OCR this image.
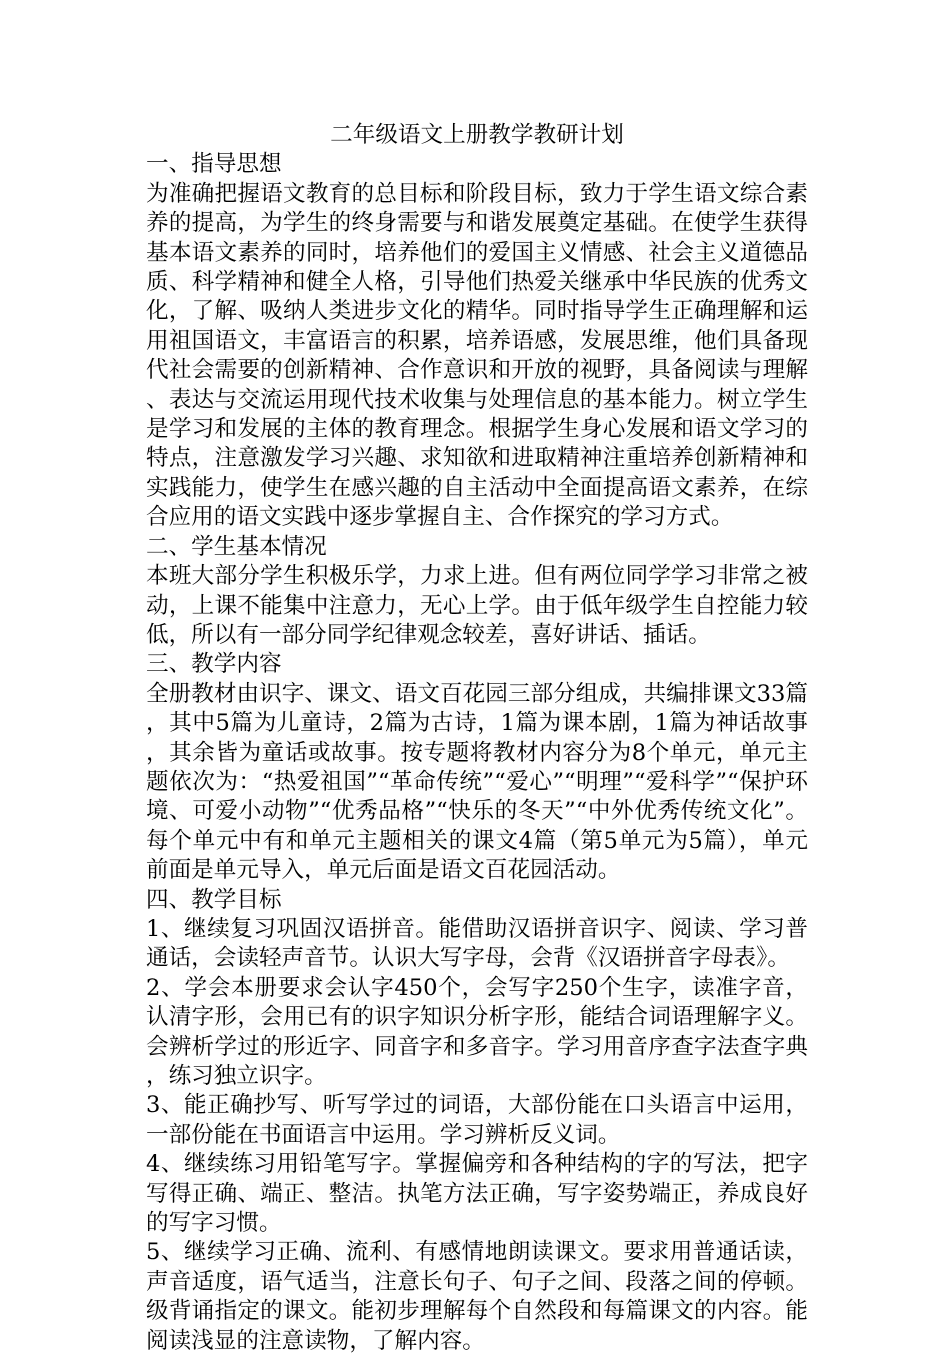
二年级语文上册教学教研计划
一、指导思想

为准确把握语文教育的总目标和阶段目标，致力于学生语文综合素养的提高，为学生的终身需要与和谐发展奠定基础。在使学生获得基本语文素养的同时，培养他们的爱国主义情感、社会主义道德品质、科学精神和健全人格，引导他们热爱关继承中华民族的优秀文化，了解、吸纳人类进步文化的精华。同时指导学生正确理解和运用祖国语文，丰富语言的积累，培养语感，发展思维，他们具备现代社会需要的创新精神、合作意识和开放的视野，具备阅读与理解、表达与交流运用现代技术收集与处理信息的基本能力。树立学生是学习和发展的主体的教育理念。根据学生身心发展和语文学习的特点，注意激发学习兴趣、求知欲和进取精神注重培养创新精神和实践能力，使学生在感兴趣的自主活动中全面提高语文素养，在综合应用的语文实践中逐步掌握自主、合作探究的学习方式。

二、学生基本情况

本班大部分学生积极乐学，力求上进。但有两位同学学习非常之被动，上课不能集中注意力，无心上学。由于低年级学生自控能力较低，所以有一部分同学纪律观念较差，喜好讲话、插话。

三、教学内容

全册教材由识字、课文、语文百花园三部分组成，共编排课文33篇，其中5篇为儿童诗，2篇为古诗，1篇为课本剧，1篇为神话故事，其余皆为童话或故事。按专题将教材内容分为8个单元，单元主题依次为：“热爱祖国”“革命传统”“爱心”“明理”“爱科学”“保护环境、可爱小动物”“优秀品格”“快乐的冬天”“中外优秀传统文化”。每个单元中有和单元主题相关的课文4篇（第5单元为5篇），单元前面是单元导入，单元后面是语文百花园活动。

四、教学目标

1、继续复习巩固汉语拼音。能借助汉语拼音识字、阅读、学习普通话，会读轻声音节。认识大写字母，会背《汉语拼音字母表》。

2、学会本册要求会认字450个，会写字250个生字，读准字音，认清字形，会用已有的识字知识分析字形，能结合词语理解字义。会辨析学过的形近字、同音字和多音字。学习用音序查字法查字典，练习独立识字。

3、能正确抄写、听写学过的词语，大部份能在口头语言中运用，一部份能在书面语言中运用。学习辨析反义词。

4、继续练习用铅笔写字。掌握偏旁和各种结构的字的写法，把字写得正确、端正、整洁。执笔方法正确，写字姿势端正，养成良好的写字习惯。

5、继续学习正确、流利、有感情地朗读课文。要求用普通话读，声音适度，语气适当，注意长句子、句子之间、段落之间的停顿。级背诵指定的课文。能初步理解每个自然段和每篇课文的内容。能阅读浅显的注意读物，了解内容。
